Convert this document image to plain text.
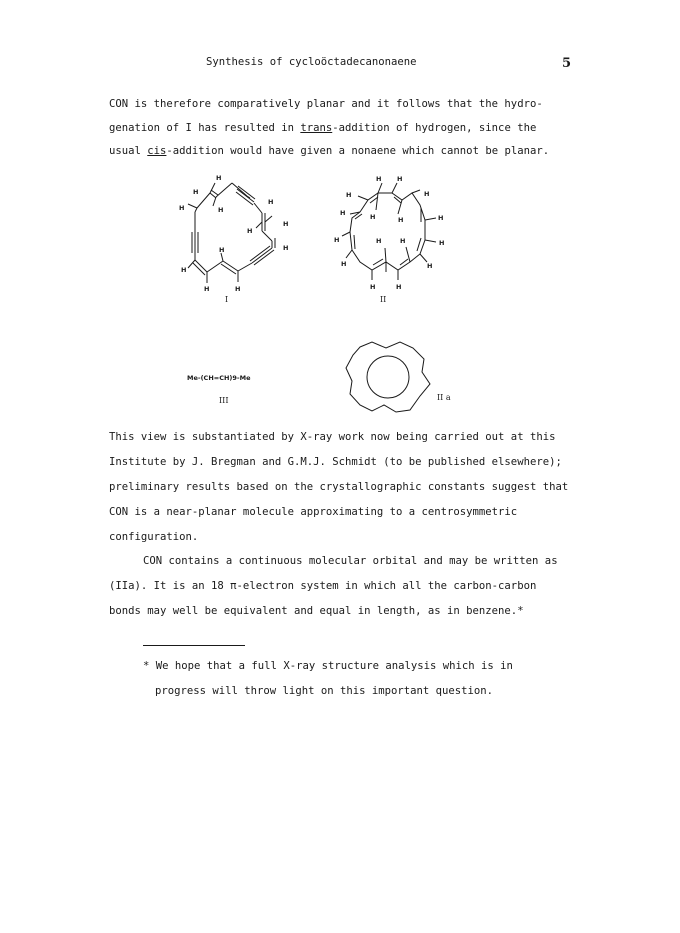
Synthesis of cycloöctadecanonaene	5
CON is therefore comparatively planar and it follows that the hydro-
genation of I has resulted in trans-addition of hydrogen, since the
usual cis-addition would have given a nonaene which cannot be planar.
H
H
H	H
H
H
H
H
H
H
H	H
I
H H
H	H
H	H	H	H
H	H	H	H
H	H
H	H
II
Me-(CH=CH)9-Me
III	II a
This view is substantiated by X-ray work now being carried out at this
Institute by J. Bregman and G.M.J. Schmidt (to be published elsewhere);
preliminary results based on the crystallographic constants suggest that
CON is a near-planar molecule approximating to a centrosymmetric
configuration.
CON contains a continuous molecular orbital and may be written as
(IIa). It is an 18 π-electron system in which all the carbon-carbon
bonds may well be equivalent and equal in length, as in benzene.*
* We hope that a full X-ray structure analysis which is in
progress will throw light on this important question.
